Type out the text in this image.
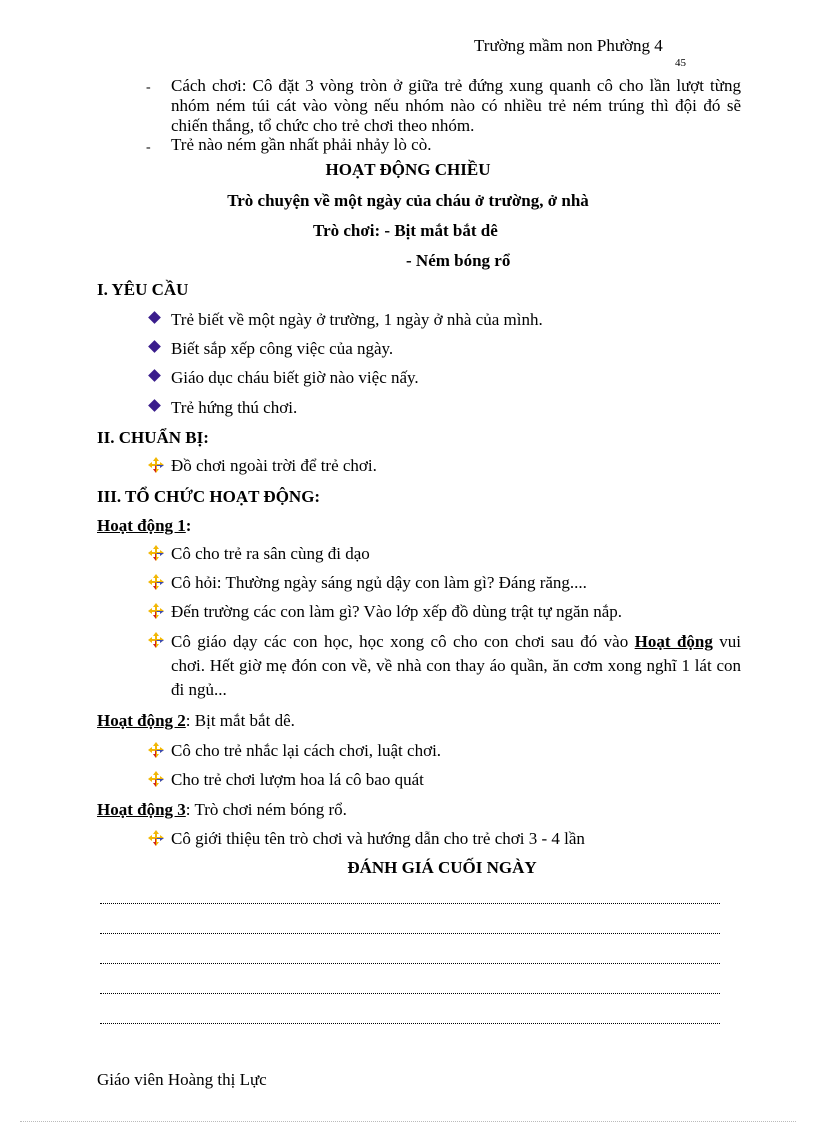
Trường mầm non Phường 4
45
- Cách chơi: Cô đặt 3 vòng tròn ở giữa trẻ đứng xung quanh cô cho lần lượt từng nhóm ném túi cát vào vòng nếu nhóm nào có nhiều trẻ ném trúng thì đội đó sẽ chiến thắng, tổ chức cho trẻ chơi theo nhóm.
- Trẻ nào ném gần nhất phải nhảy lò cò.
HOẠT ĐỘNG CHIỀU
Trò chuyện về một ngày của cháu ở trường, ở nhà
Trò chơi: - Bịt mắt bắt dê
- Ném bóng rổ
I. YÊU CẦU
Trẻ biết về một ngày ở trường, 1 ngày ở nhà của mình.
Biết sắp xếp công việc của ngày.
Giáo dục cháu biết giờ nào việc nấy.
Trẻ hứng thú chơi.
II. CHUẨN BỊ:
Đồ chơi ngoài trời để trẻ chơi.
III. TỔ CHỨC HOẠT ĐỘNG:
Hoạt động 1:
Cô cho trẻ ra sân cùng đi dạo
Cô hỏi: Thường ngày sáng ngủ dậy con làm gì? Đáng răng....
Đến trường các con làm gì? Vào lớp xếp đồ dùng trật tự ngăn nắp.
Cô giáo dạy các con học, học xong cô cho con chơi sau đó vào Hoạt động vui chơi. Hết giờ mẹ đón con về, về nhà con thay áo quần, ăn cơm xong nghĩ 1 lát con đi ngủ...
Hoạt động 2: Bịt mắt bắt dê.
Cô cho trẻ nhắc lại cách chơi, luật chơi.
Cho trẻ chơi lượm hoa lá cô bao quát
Hoạt động 3: Trò chơi ném bóng rổ.
Cô giới thiệu tên trò chơi và hướng dẫn cho trẻ chơi 3 - 4 lần
ĐÁNH GIÁ CUỐI NGÀY
Giáo viên Hoàng thị Lực
